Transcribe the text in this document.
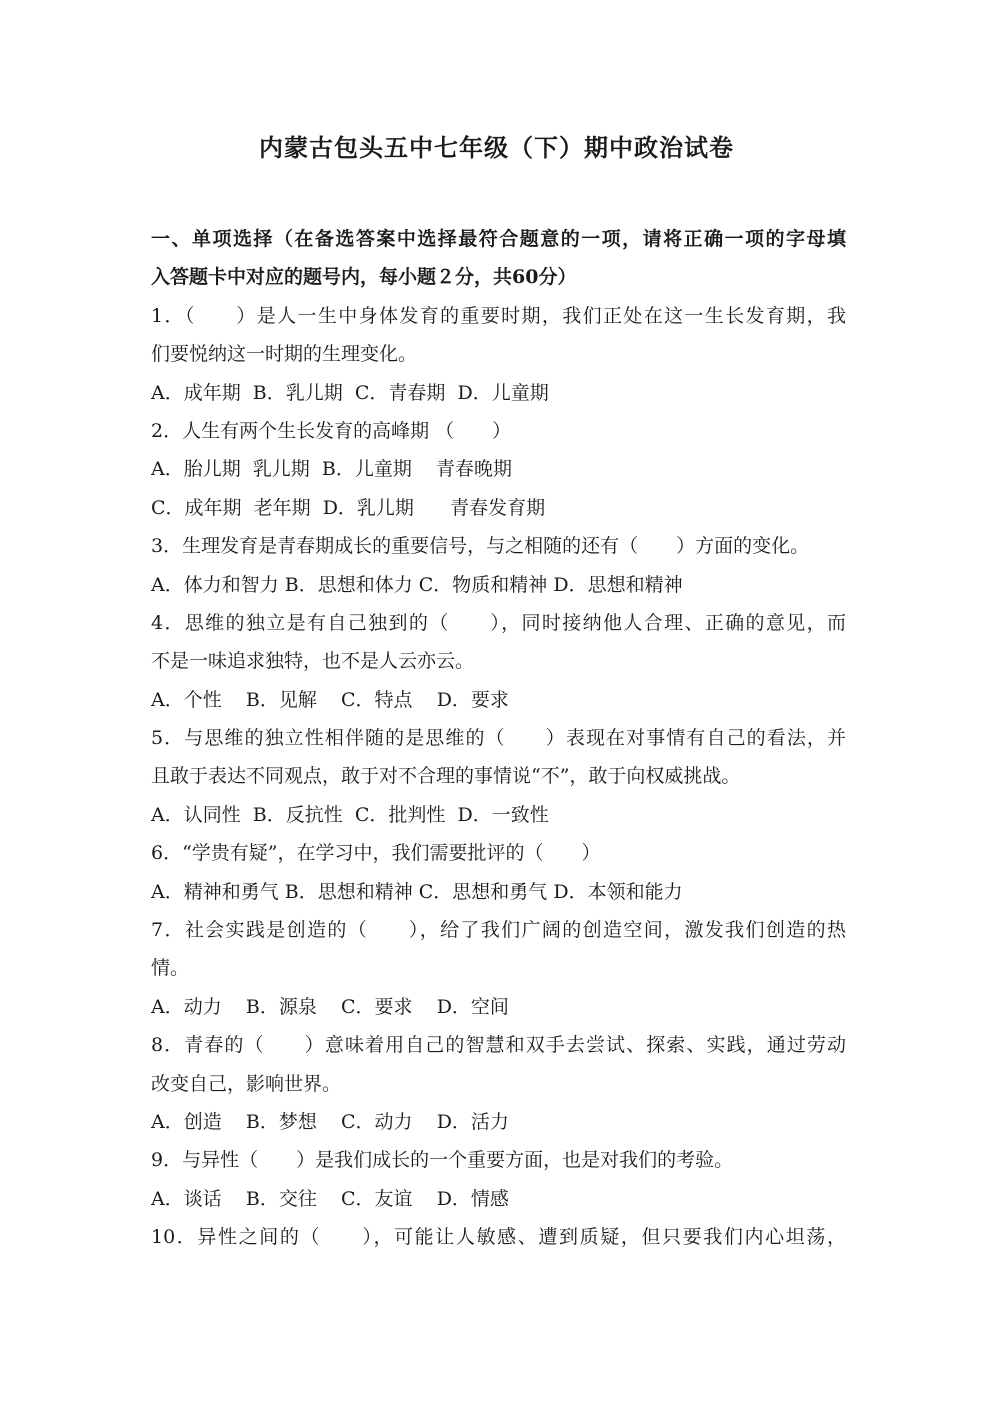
内蒙古包头五中七年级（下）期中政治试卷
一、单项选择（在备选答案中选择最符合题意的一项，请将正确一项的字母填
入答题卡中对应的题号内，每小题２分，共60分）
1．（　　）是人一生中身体发育的重要时期，我们正处在这一生长发育期，我
们要悦纳这一时期的生理变化。
A．成年期  B．乳儿期  C．青春期  D．儿童期
2．人生有两个生长发育的高峰期 （　　）
A．胎儿期  乳儿期  B．儿童期    青春晚期
C．成年期  老年期  D．乳儿期      青春发育期
3．生理发育是青春期成长的重要信号，与之相随的还有（　　）方面的变化。
A．体力和智力 B．思想和体力 C．物质和精神 D．思想和精神
4．思维的独立是有自己独到的（　　），同时接纳他人合理、正确的意见，而
不是一味追求独特，也不是人云亦云。
A．个性    B．见解    C．特点    D．要求
5．与思维的独立性相伴随的是思维的（　　）表现在对事情有自己的看法，并
且敢于表达不同观点，敢于对不合理的事情说“不”，敢于向权威挑战。
A．认同性  B．反抗性  C．批判性  D．一致性
6．“学贵有疑”，在学习中，我们需要批评的（　　）
A．精神和勇气 B．思想和精神 C．思想和勇气 D．本领和能力
7．社会实践是创造的（　　），给了我们广阔的创造空间，激发我们创造的热
情。
A．动力    B．源泉    C．要求    D．空间
8．青春的（　　）意味着用自己的智慧和双手去尝试、探索、实践，通过劳动
改变自己，影响世界。
A．创造    B．梦想    C．动力    D．活力
9．与异性（　　）是我们成长的一个重要方面，也是对我们的考验。
A．谈话    B．交往    C．友谊    D．情感
10．异性之间的（　　），可能让人敏感、遭到质疑，但只要我们内心坦荡，
